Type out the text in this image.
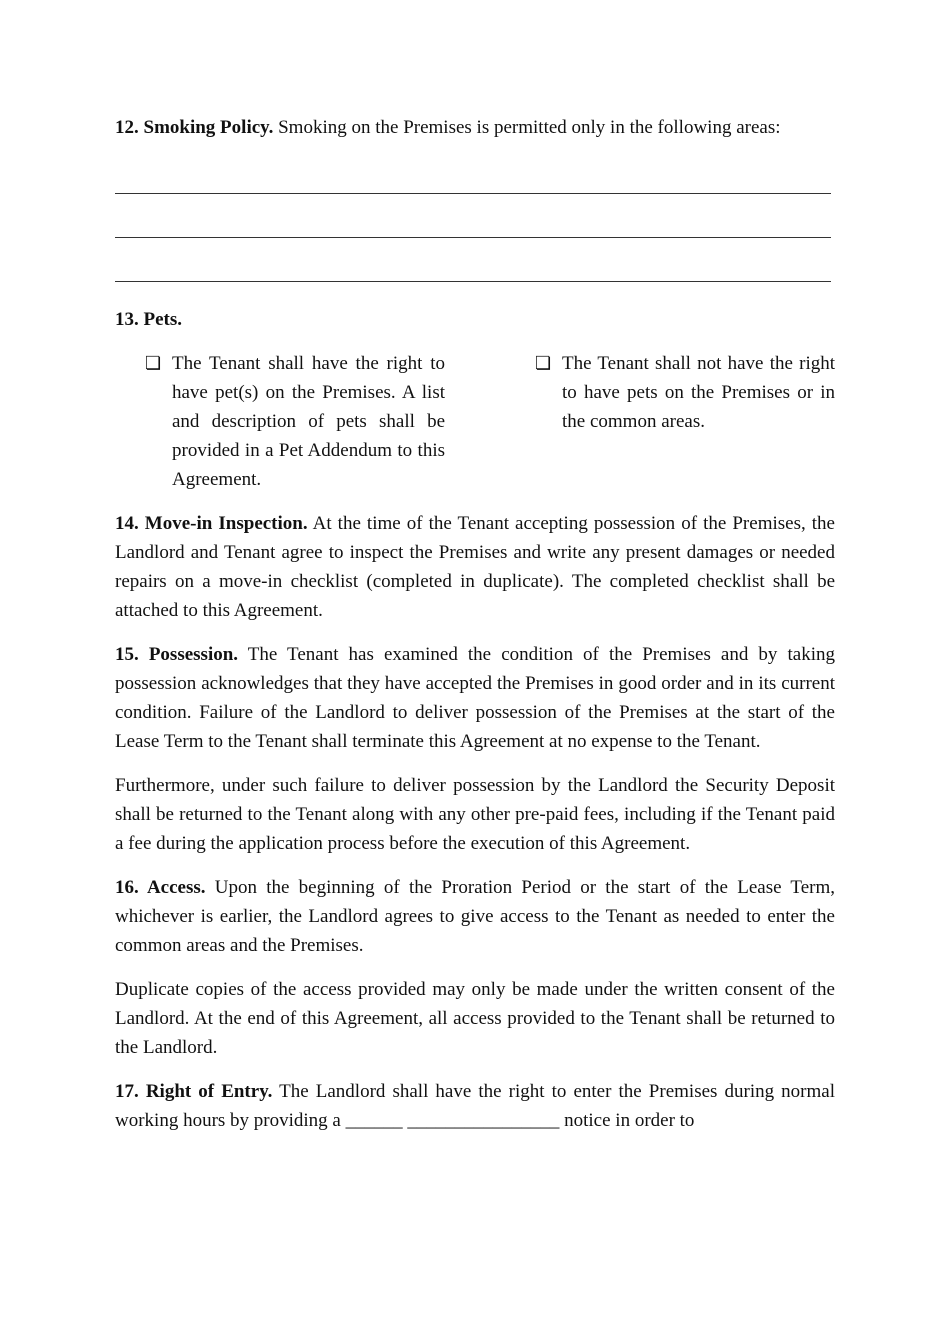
12. Smoking Policy. Smoking on the Premises is permitted only in the following areas:

13. Pets.

❏ The Tenant shall have the right to have pet(s) on the Premises. A list and description of pets shall be provided in a Pet Addendum to this Agreement.

❏ The Tenant shall not have the right to have pets on the Premises or in the common areas.

14. Move-in Inspection. At the time of the Tenant accepting possession of the Premises, the Landlord and Tenant agree to inspect the Premises and write any present damages or needed repairs on a move-in checklist (completed in duplicate). The completed checklist shall be attached to this Agreement.

15. Possession. The Tenant has examined the condition of the Premises and by taking possession acknowledges that they have accepted the Premises in good order and in its current condition. Failure of the Landlord to deliver possession of the Premises at the start of the Lease Term to the Tenant shall terminate this Agreement at no expense to the Tenant.

Furthermore, under such failure to deliver possession by the Landlord the Security Deposit shall be returned to the Tenant along with any other pre-paid fees, including if the Tenant paid a fee during the application process before the execution of this Agreement.

16. Access. Upon the beginning of the Proration Period or the start of the Lease Term, whichever is earlier, the Landlord agrees to give access to the Tenant as needed to enter the common areas and the Premises.

Duplicate copies of the access provided may only be made under the written consent of the Landlord. At the end of this Agreement, all access provided to the Tenant shall be returned to the Landlord.

17. Right of Entry. The Landlord shall have the right to enter the Premises during normal working hours by providing a ______ ________________ notice in order to
